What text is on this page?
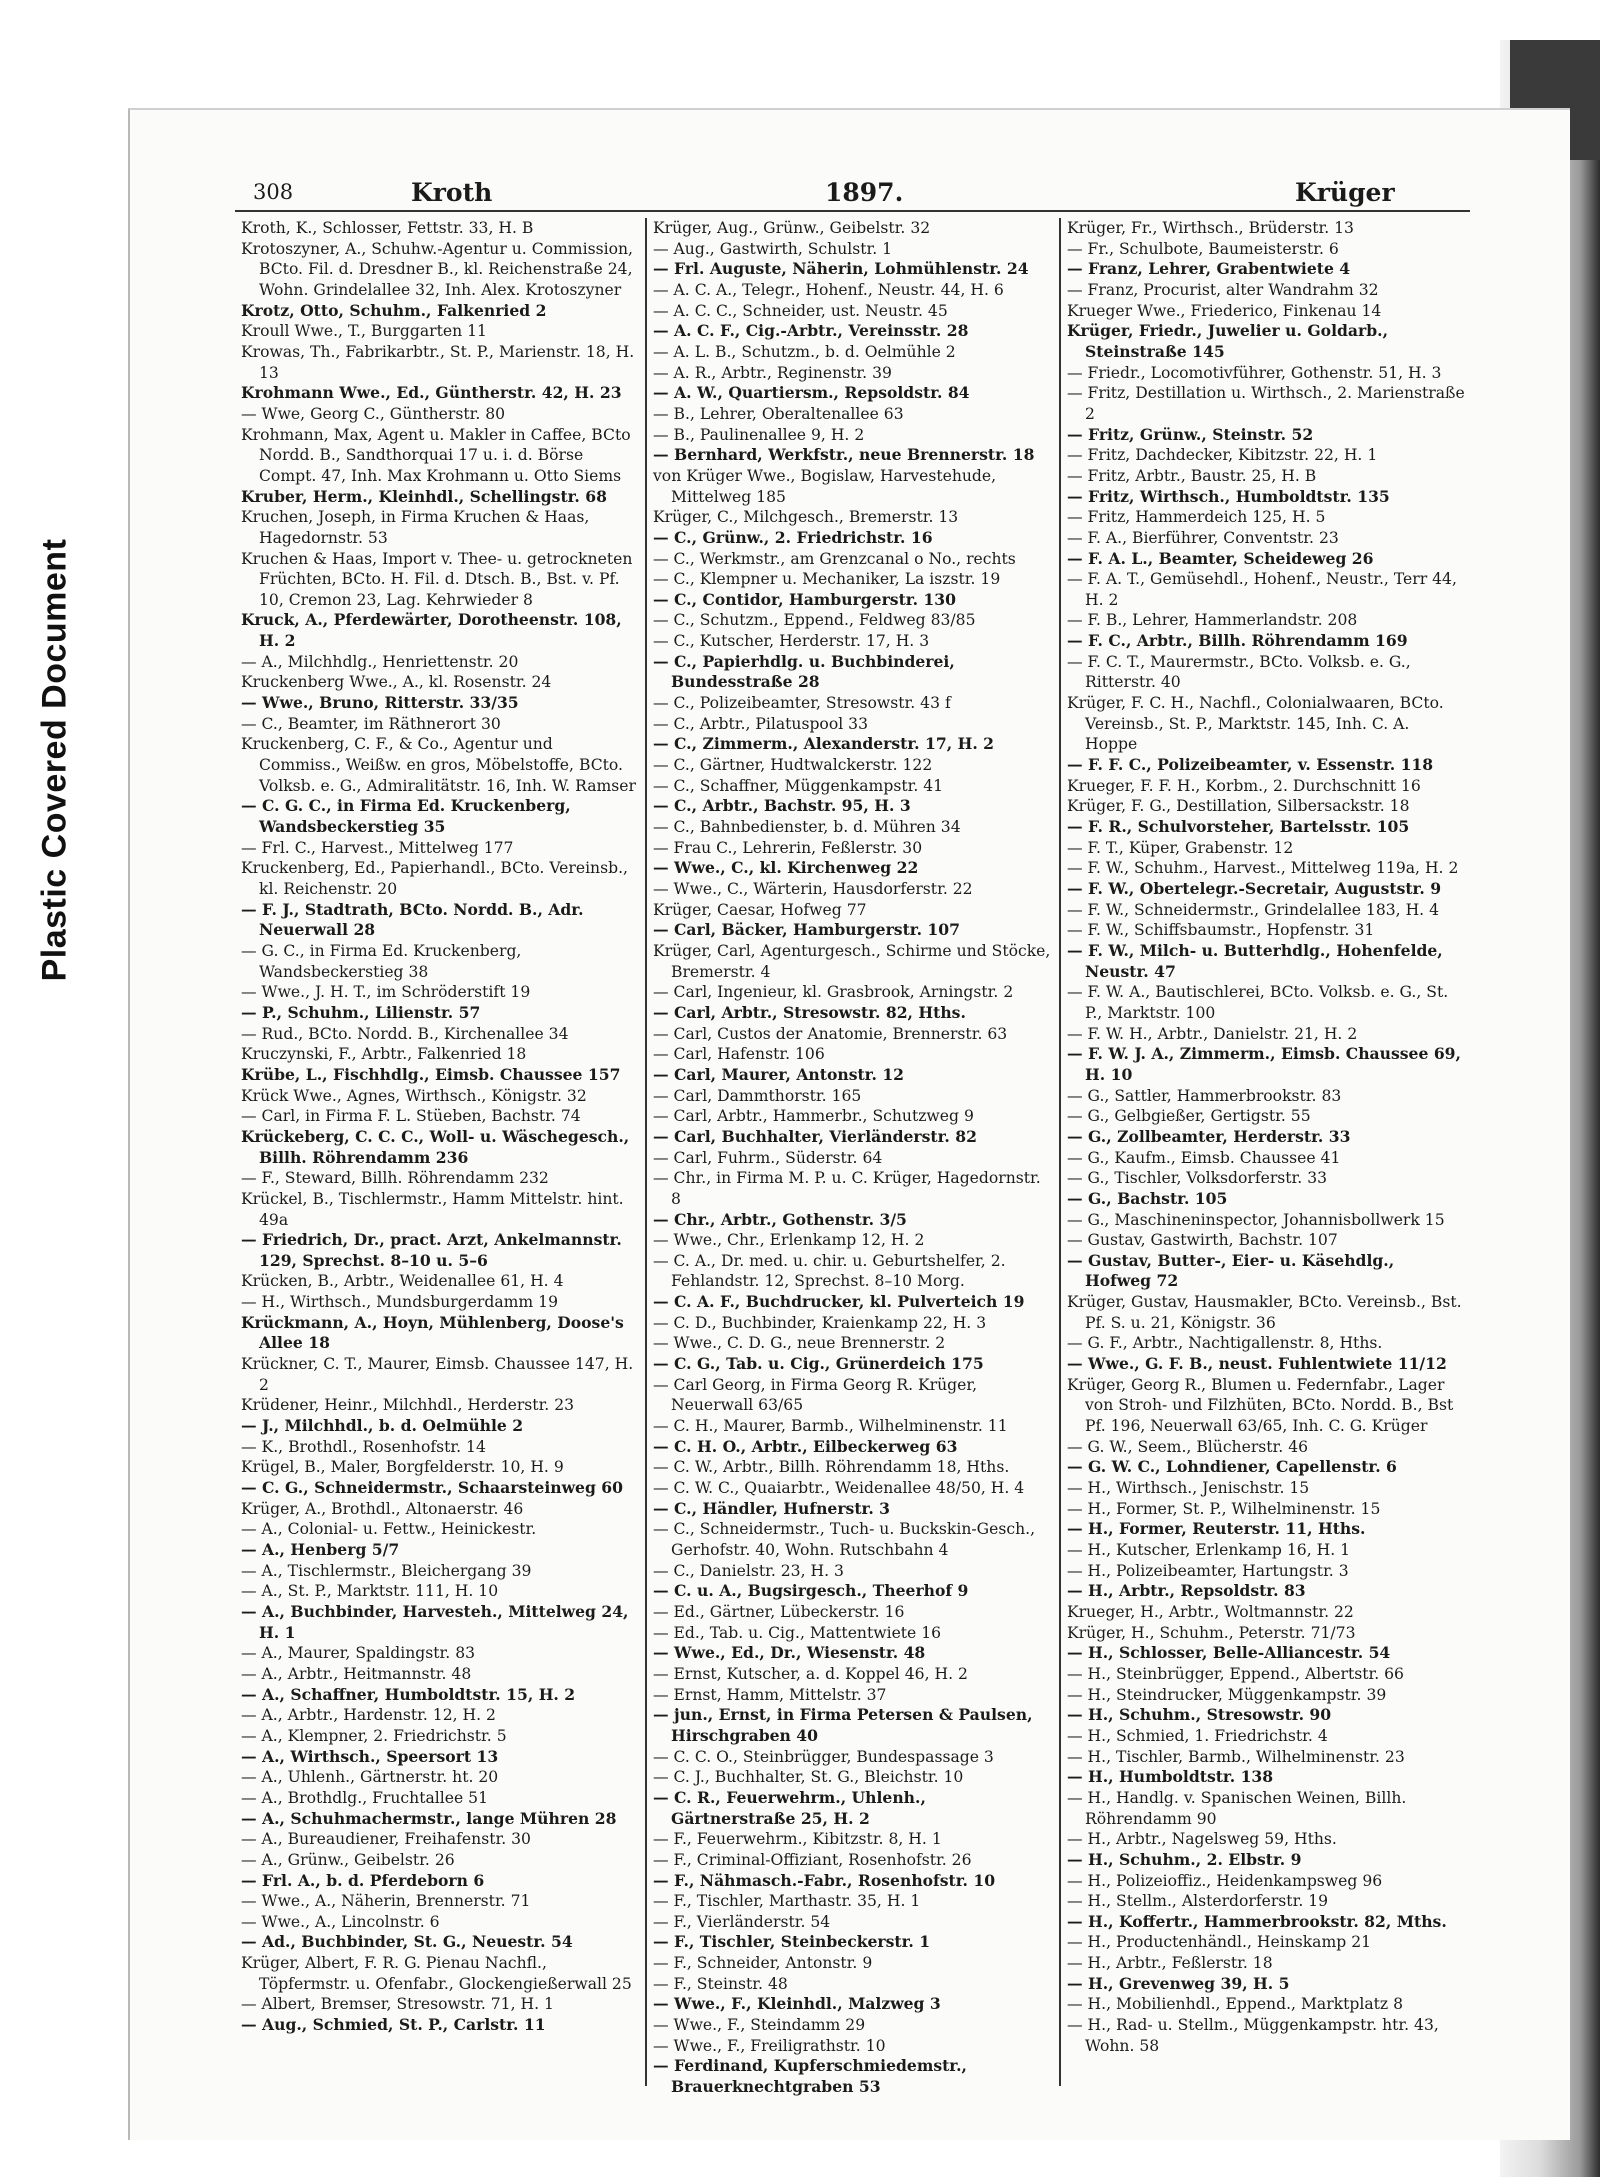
Plastic Covered Document
308	Kroth	1897.	Krüger
Kroth, K., Schlosser, Fettstr. 33, H. B
Krotoszyner, A., Schuhw.-Agentur u. Commission, BCto. Fil. d. Dresdner B., kl. Reichenstraße 24, Wohn. Grindelallee 32, Inh. Alex. Krotoszyner
Krotz, Otto, Schuhm., Falkenried 2
Kroull Wwe., T., Burggarten 11
Krowas, Th., Fabrikarbtr., St. P., Marienstr. 18, H. 13
Krohmann Wwe., Ed., Güntherstr. 42, H. 23
— Wwe, Georg C., Güntherstr. 80
Krohmann, Max, Agent u. Makler in Caffee, BCto Nordd. B., Sandthorquai 17 u. i. d. Börse Compt. 47, Inh. Max Krohmann u. Otto Siems
Kruber, Herm., Kleinhdl., Schellingstr. 68
Kruchen, Joseph, in Firma Kruchen & Haas, Hagedornstr. 53
Kruchen & Haas, Import v. Thee- u. getrockneten Früchten, BCto. H. Fil. d. Dtsch. B., Bst. v. Pf. 10, Cremon 23, Lag. Kehrwieder 8
Kruck, A., Pferdewärter, Dorotheenstr. 108, H. 2
— A., Milchhdlg., Henriettenstr. 20
Kruckenberg Wwe., A., kl. Rosenstr. 24
— Wwe., Bruno, Ritterstr. 33/35
— C., Beamter, im Räthnerort 30
Kruckenberg, C. F., & Co., Agentur und Commiss., Weißw. en gros, Möbelstoffe, BCto. Volksb. e. G., Admiralitätstr. 16, Inh. W. Ramser
— C. G. C., in Firma Ed. Kruckenberg, Wandsbeckerstieg 35
— Frl. C., Harvest., Mittelweg 177
Kruckenberg, Ed., Papierhandl., BCto. Vereinsb., kl. Reichenstr. 20
— F. J., Stadtrath, BCto. Nordd. B., Adr. Neuerwall 28
— G. C., in Firma Ed. Kruckenberg, Wandsbeckerstieg 38
— Wwe., J. H. T., im Schröderstift 19
— P., Schuhm., Lilienstr. 57
— Rud., BCto. Nordd. B., Kirchenallee 34
Kruczynski, F., Arbtr., Falkenried 18
Krübe, L., Fischhdlg., Eimsb. Chaussee 157
Krück Wwe., Agnes, Wirthsch., Königstr. 32
— Carl, in Firma F. L. Stüeben, Bachstr. 74
Krückeberg, C. C. C., Woll- u. Wäschegesch., Billh. Röhrendamm 236
— F., Steward, Billh. Röhrendamm 232
Krückel, B., Tischlermstr., Hamm Mittelstr. hint. 49a
— Friedrich, Dr., pract. Arzt, Ankelmannstr. 129, Sprechst. 8–10 u. 5–6
Krücken, B., Arbtr., Weidenallee 61, H. 4
— H., Wirthsch., Mundsburgerdamm 19
Krückmann, A., Hoyn, Mühlenberg, Doose's Allee 18
Krückner, C. T., Maurer, Eimsb. Chaussee 147, H. 2
Krüdener, Heinr., Milchhdl., Herderstr. 23
— J., Milchhdl., b. d. Oelmühle 2
— K., Brothdl., Rosenhofstr. 14
Krügel, B., Maler, Borgfelderstr. 10, H. 9
— C. G., Schneidermstr., Schaarsteinweg 60
Krüger, A., Brothdl., Altonaerstr. 46
— A., Colonial- u. Fettw., Heinickestr.
— A., Henberg 5/7
— A., Tischlermstr., Bleichergang 39
— A., St. P., Marktstr. 111, H. 10
— A., Buchbinder, Harvesteh., Mittelweg 24, H. 1
— A., Maurer, Spaldingstr. 83
— A., Arbtr., Heitmannstr. 48
— A., Schaffner, Humboldtstr. 15, H. 2
— A., Arbtr., Hardenstr. 12, H. 2
— A., Klempner, 2. Friedrichstr. 5
— A., Wirthsch., Speersort 13
— A., Uhlenh., Gärtnerstr. ht. 20
— A., Brothdlg., Fruchtallee 51
— A., Schuhmachermstr., lange Mühren 28
— A., Bureaudiener, Freihafenstr. 30
— A., Grünw., Geibelstr. 26
— Frl. A., b. d. Pferdeborn 6
— Wwe., A., Näherin, Brennerstr. 71
— Wwe., A., Lincolnstr. 6
— Ad., Buchbinder, St. G., Neuestr. 54
Krüger, Albert, F. R. G. Pienau Nachfl., Töpfermstr. u. Ofenfabr., Glockengießerwall 25
— Albert, Bremser, Stresowstr. 71, H. 1
— Aug., Schmied, St. P., Carlstr. 11
Krüger, Aug., Grünw., Geibelstr. 32
— Aug., Gastwirth, Schulstr. 1
— Frl. Auguste, Näherin, Lohmühlenstr. 24
— A. C. A., Telegr., Hohenf., Neustr. 44, H. 6
— A. C. C., Schneider, ust. Neustr. 45
— A. C. F., Cig.-Arbtr., Vereinsstr. 28
— A. L. B., Schutzm., b. d. Oelmühle 2
— A. R., Arbtr., Reginenstr. 39
— A. W., Quartiersm., Repsoldstr. 84
— B., Lehrer, Oberaltenallee 63
— B., Paulinenallee 9, H. 2
— Bernhard, Werkfstr., neue Brennerstr. 18
von Krüger Wwe., Bogislaw, Harvestehude, Mittelweg 185
Krüger, C., Milchgesch., Bremerstr. 13
— C., Grünw., 2. Friedrichstr. 16
— C., Werkmstr., am Grenzcanal o No., rechts
— C., Klempner u. Mechaniker, La iszstr. 19
— C., Contidor, Hamburgerstr. 130
— C., Schutzm., Eppend., Feldweg 83/85
— C., Kutscher, Herderstr. 17, H. 3
— C., Papierhdlg. u. Buchbinderei, Bundesstraße 28
— C., Polizeibeamter, Stresowstr. 43 f
— C., Arbtr., Pilatuspool 33
— C., Zimmerm., Alexanderstr. 17, H. 2
— C., Gärtner, Hudtwalckerstr. 122
— C., Schaffner, Müggenkampstr. 41
— C., Arbtr., Bachstr. 95, H. 3
— C., Bahnbedienster, b. d. Mühren 34
— Frau C., Lehrerin, Feßlerstr. 30
— Wwe., C., kl. Kirchenweg 22
— Wwe., C., Wärterin, Hausdorferstr. 22
Krüger, Caesar, Hofweg 77
— Carl, Bäcker, Hamburgerstr. 107
Krüger, Carl, Agenturgesch., Schirme und Stöcke, Bremerstr. 4
— Carl, Ingenieur, kl. Grasbrook, Arningstr. 2
— Carl, Arbtr., Stresowstr. 82, Hths.
— Carl, Custos der Anatomie, Brennerstr. 63
— Carl, Hafenstr. 106
— Carl, Maurer, Antonstr. 12
— Carl, Dammthorstr. 165
— Carl, Arbtr., Hammerbr., Schutzweg 9
— Carl, Buchhalter, Vierländerstr. 82
— Carl, Fuhrm., Süderstr. 64
— Chr., in Firma M. P. u. C. Krüger, Hagedornstr. 8
— Chr., Arbtr., Gothenstr. 3/5
— Wwe., Chr., Erlenkamp 12, H. 2
— C. A., Dr. med. u. chir. u. Geburtshelfer, 2. Fehlandstr. 12, Sprechst. 8–10 Morg.
— C. A. F., Buchdrucker, kl. Pulverteich 19
— C. D., Buchbinder, Kraienkamp 22, H. 3
— Wwe., C. D. G., neue Brennerstr. 2
— C. G., Tab. u. Cig., Grünerdeich 175
— Carl Georg, in Firma Georg R. Krüger, Neuerwall 63/65
— C. H., Maurer, Barmb., Wilhelminenstr. 11
— C. H. O., Arbtr., Eilbeckerweg 63
— C. W., Arbtr., Billh. Röhrendamm 18, Hths.
— C. W. C., Quaiarbtr., Weidenallee 48/50, H. 4
— C., Händler, Hufnerstr. 3
— C., Schneidermstr., Tuch- u. Buckskin-Gesch., Gerhofstr. 40, Wohn. Rutschbahn 4
— C., Danielstr. 23, H. 3
— C. u. A., Bugsirgesch., Theerhof 9
— Ed., Gärtner, Lübeckerstr. 16
— Ed., Tab. u. Cig., Mattentwiete 16
— Wwe., Ed., Dr., Wiesenstr. 48
— Ernst, Kutscher, a. d. Koppel 46, H. 2
— Ernst, Hamm, Mittelstr. 37
— jun., Ernst, in Firma Petersen & Paulsen, Hirschgraben 40
— C. C. O., Steinbrügger, Bundespassage 3
— C. J., Buchhalter, St. G., Bleichstr. 10
— C. R., Feuerwehrm., Uhlenh., Gärtnerstraße 25, H. 2
— F., Feuerwehrm., Kibitzstr. 8, H. 1
— F., Criminal-Offiziant, Rosenhofstr. 26
— F., Nähmasch.-Fabr., Rosenhofstr. 10
— F., Tischler, Marthastr. 35, H. 1
— F., Vierländerstr. 54
— F., Tischler, Steinbeckerstr. 1
— F., Schneider, Antonstr. 9
— F., Steinstr. 48
— Wwe., F., Kleinhdl., Malzweg 3
— Wwe., F., Steindamm 29
— Wwe., F., Freiligrathstr. 10
— Ferdinand, Kupferschmiedemstr., Brauerknechtgraben 53
Krüger, Fr., Wirthsch., Brüderstr. 13
— Fr., Schulbote, Baumeisterstr. 6
— Franz, Lehrer, Grabentwiete 4
— Franz, Procurist, alter Wandrahm 32
Krueger Wwe., Friederico, Finkenau 14
Krüger, Friedr., Juwelier u. Goldarb., Steinstraße 145
— Friedr., Locomotivführer, Gothenstr. 51, H. 3
— Fritz, Destillation u. Wirthsch., 2. Marienstraße 2
— Fritz, Grünw., Steinstr. 52
— Fritz, Dachdecker, Kibitzstr. 22, H. 1
— Fritz, Arbtr., Baustr. 25, H. B
— Fritz, Wirthsch., Humboldtstr. 135
— Fritz, Hammerdeich 125, H. 5
— F. A., Bierführer, Conventstr. 23
— F. A. L., Beamter, Scheideweg 26
— F. A. T., Gemüsehdl., Hohenf., Neustr., Terr 44, H. 2
— F. B., Lehrer, Hammerlandstr. 208
— F. C., Arbtr., Billh. Röhrendamm 169
— F. C. T., Maurermstr., BCto. Volksb. e. G., Ritterstr. 40
Krüger, F. C. H., Nachfl., Colonialwaaren, BCto. Vereinsb., St. P., Marktstr. 145, Inh. C. A. Hoppe
— F. F. C., Polizeibeamter, v. Essenstr. 118
Krueger, F. F. H., Korbm., 2. Durchschnitt 16
Krüger, F. G., Destillation, Silbersackstr. 18
— F. R., Schulvorsteher, Bartelsstr. 105
— F. T., Küper, Grabenstr. 12
— F. W., Schuhm., Harvest., Mittelweg 119a, H. 2
— F. W., Obertelegr.-Secretair, Auguststr. 9
— F. W., Schneidermstr., Grindelallee 183, H. 4
— F. W., Schiffsbaumstr., Hopfenstr. 31
— F. W., Milch- u. Butterhdlg., Hohenfelde, Neustr. 47
— F. W. A., Bautischlerei, BCto. Volksb. e. G., St. P., Marktstr. 100
— F. W. H., Arbtr., Danielstr. 21, H. 2
— F. W. J. A., Zimmerm., Eimsb. Chaussee 69, H. 10
— G., Sattler, Hammerbrookstr. 83
— G., Gelbgießer, Gertigstr. 55
— G., Zollbeamter, Herderstr. 33
— G., Kaufm., Eimsb. Chaussee 41
— G., Tischler, Volksdorferstr. 33
— G., Bachstr. 105
— G., Maschineninspector, Johannisbollwerk 15
— Gustav, Gastwirth, Bachstr. 107
— Gustav, Butter-, Eier- u. Käsehdlg., Hofweg 72
Krüger, Gustav, Hausmakler, BCto. Vereinsb., Bst. Pf. S. u. 21, Königstr. 36
— G. F., Arbtr., Nachtigallenstr. 8, Hths.
— Wwe., G. F. B., neust. Fuhlentwiete 11/12
Krüger, Georg R., Blumen u. Federnfabr., Lager von Stroh- und Filzhüten, BCto. Nordd. B., Bst Pf. 196, Neuerwall 63/65, Inh. C. G. Krüger
— G. W., Seem., Blücherstr. 46
— G. W. C., Lohndiener, Capellenstr. 6
— H., Wirthsch., Jenischstr. 15
— H., Former, St. P., Wilhelminenstr. 15
— H., Former, Reuterstr. 11, Hths.
— H., Kutscher, Erlenkamp 16, H. 1
— H., Polizeibeamter, Hartungstr. 3
— H., Arbtr., Repsoldstr. 83
Krueger, H., Arbtr., Woltmannstr. 22
Krüger, H., Schuhm., Peterstr. 71/73
— H., Schlosser, Belle-Alliancestr. 54
— H., Steinbrügger, Eppend., Albertstr. 66
— H., Steindrucker, Müggenkampstr. 39
— H., Schuhm., Stresowstr. 90
— H., Schmied, 1. Friedrichstr. 4
— H., Tischler, Barmb., Wilhelminenstr. 23
— H., Humboldtstr. 138
— H., Handlg. v. Spanischen Weinen, Billh. Röhrendamm 90
— H., Arbtr., Nagelsweg 59, Hths.
— H., Schuhm., 2. Elbstr. 9
— H., Polizeioffiz., Heidenkampsweg 96
— H., Stellm., Alsterdorferstr. 19
— H., Koffertr., Hammerbrookstr. 82, Mths.
— H., Productenhändl., Heinskamp 21
— H., Arbtr., Feßlerstr. 18
— H., Grevenweg 39, H. 5
— H., Mobilienhdl., Eppend., Marktplatz 8
— H., Rad- u. Stellm., Müggenkampstr. htr. 43, Wohn. 58
